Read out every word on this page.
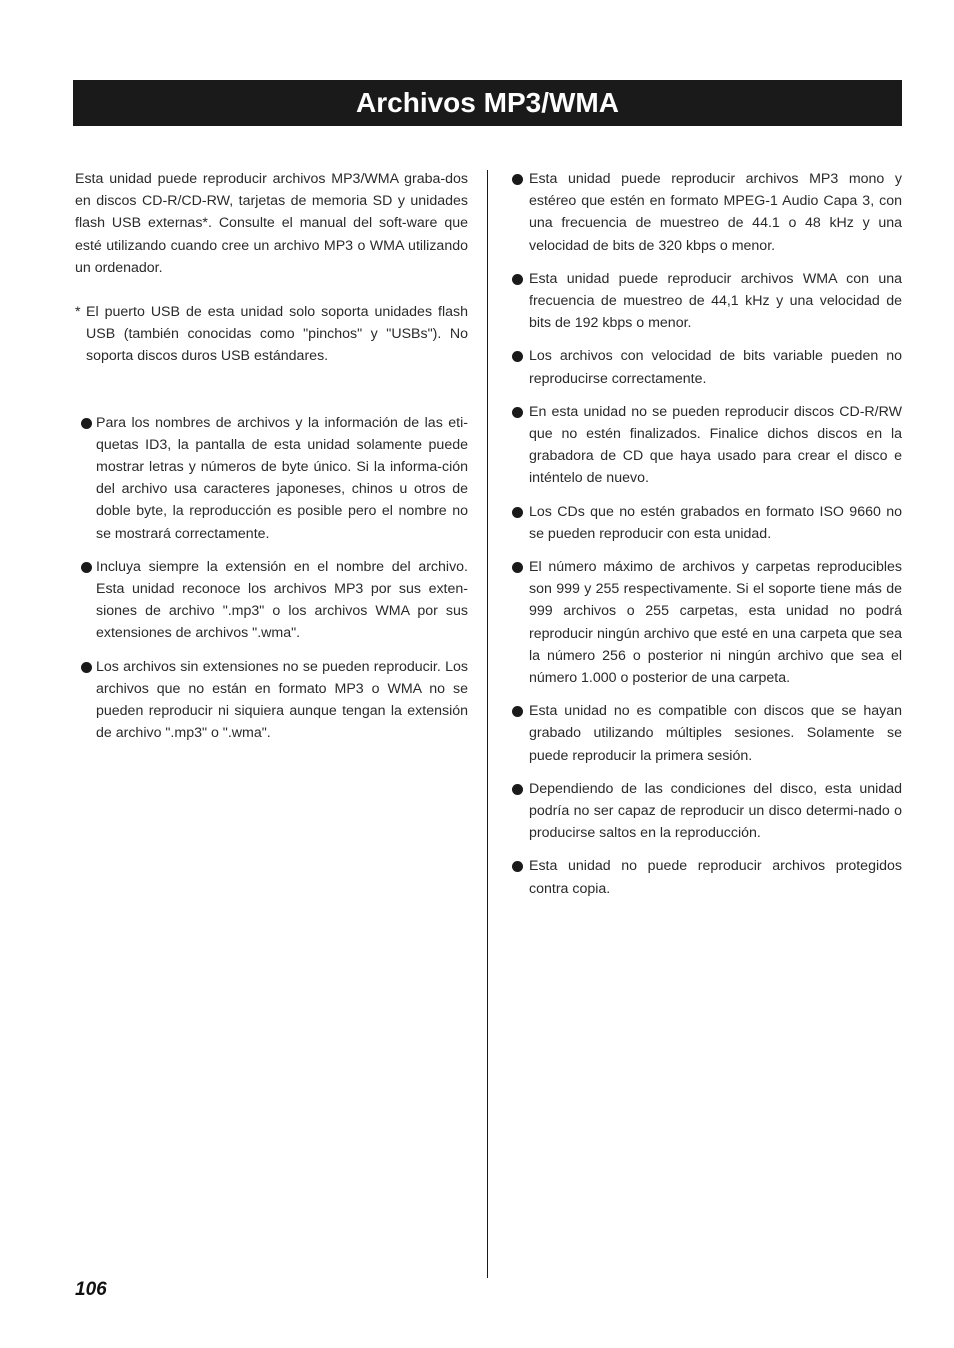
Archivos MP3/WMA

Esta unidad puede reproducir archivos MP3/WMA graba-dos en discos CD-R/CD-RW, tarjetas de memoria SD y unidades flash USB externas*. Consulte el manual del soft-ware que esté utilizando cuando cree un archivo MP3 o WMA utilizando un ordenador.

* El puerto USB de esta unidad solo soporta unidades flash USB (también conocidas como "pinchos" y "USBs"). No soporta discos duros USB estándares.
Para los nombres de archivos y la información de las eti-quetas ID3, la pantalla de esta unidad solamente puede mostrar letras y números de byte único. Si la informa-ción del archivo usa caracteres japoneses, chinos u otros de doble byte, la reproducción es posible pero el nombre no se mostrará correctamente.
Incluya siempre la extensión en el nombre del archivo. Esta unidad reconoce los archivos MP3 por sus exten-siones de archivo ".mp3" o los archivos WMA por sus extensiones de archivos ".wma".
Los archivos sin extensiones no se pueden reproducir. Los archivos que no están en formato MP3 o WMA no se pueden reproducir ni siquiera aunque tengan la extensión de archivo ".mp3" o ".wma".
Esta unidad puede reproducir archivos MP3 mono y estéreo que estén en formato MPEG-1 Audio Capa 3, con una frecuencia de muestreo de 44.1 o 48 kHz y una velocidad de bits de 320 kbps o menor.
Esta unidad puede reproducir archivos WMA con una frecuencia de muestreo de 44,1 kHz y una velocidad de bits de 192 kbps o menor.
Los archivos con velocidad de bits variable pueden no reproducirse correctamente.
En esta unidad no se pueden reproducir discos CD-R/RW que no estén finalizados. Finalice dichos discos en la grabadora de CD que haya usado para crear el disco e inténtelo de nuevo.
Los CDs que no estén grabados en formato ISO 9660 no se pueden reproducir con esta unidad.
El número máximo de archivos y carpetas reproducibles son 999 y 255 respectivamente. Si el soporte tiene más de 999 archivos o 255 carpetas, esta unidad no podrá reproducir ningún archivo que esté en una carpeta que sea la número 256 o posterior ni ningún archivo que sea el número 1.000 o posterior de una carpeta.
Esta unidad no es compatible con discos que se hayan grabado utilizando múltiples sesiones. Solamente se puede reproducir la primera sesión.
Dependiendo de las condiciones del disco, esta unidad podría no ser capaz de reproducir un disco determi-nado o producirse saltos en la reproducción.
Esta unidad no puede reproducir archivos protegidos contra copia.
106
